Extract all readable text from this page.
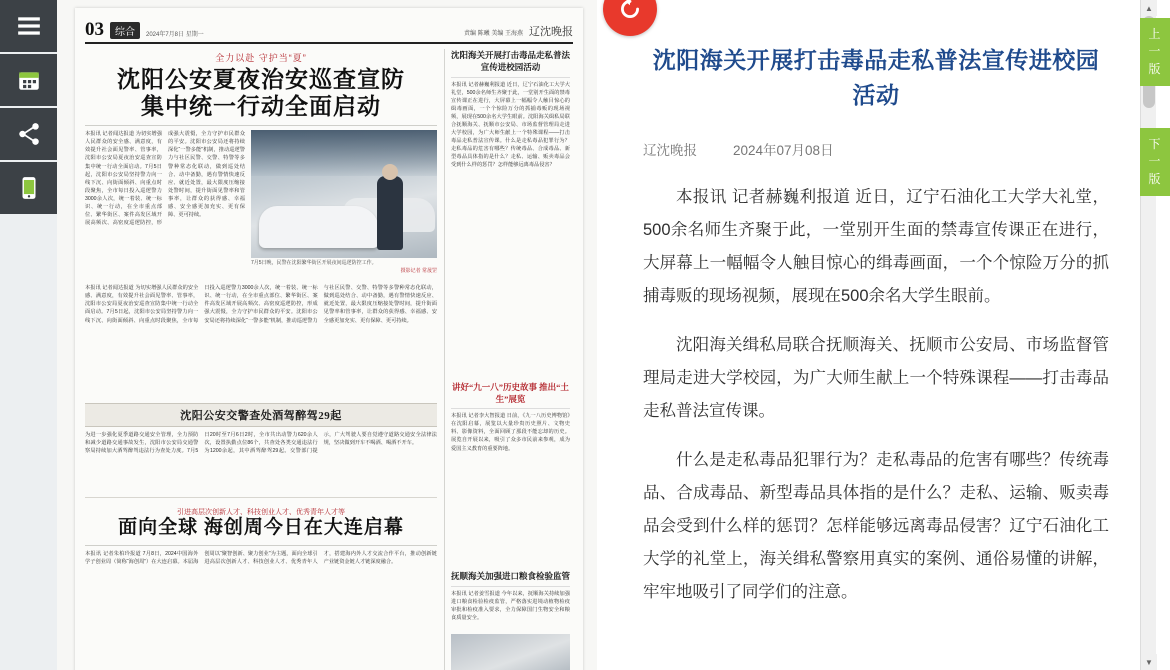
03	综合	2024年7月8日 星期一	责编 陈曦 美编 王海燕 辽沈晚报
全力以赴 守护当“夏”
沈阳公安夏夜治安巡查宣防
集中统一行动全面启动
本报讯 记者闻达报道 为切实增强人民群众的安全感、满意度，有效提升社会面见警率、管事率，沈阳市公安局夏夜治安巡查宣防集中统一行动全面启动。7月5日起，沈阳市公安局坚持警力向一线下沉、向街面倾斜、向重点时段聚焦，全市每日投入巡逻警力3000余人次，统一着装、统一标识、统一行动，在全市重点部位、繁华街区、案件高发区域开展高频次、高密度巡逻防控，形成强大震慑，全力守护市民群众的平安。沈阳市公安局还将持续深化“一警多能”机制，推动巡逻警力与社区民警、交警、特警等多警种常态化联动，做到巡处结合、动中备勤，遇有警情快速反应、就近处置，最大限度压缩接处警时间，提升街面见警率和管事率，让群众的获得感、幸福感、安全感更加充实、更有保障、更可持续。
7月5日晚，民警在沈阳繁华街区开展夜间巡逻防控工作。
摄影记者 常晟罡
本报讯 记者闻达报道 为切实增强人民群众的安全感、满意度，有效提升社会面见警率、管事率，沈阳市公安局夏夜治安巡查宣防集中统一行动全面启动。7月5日起，沈阳市公安局坚持警力向一线下沉、向街面倾斜、向重点时段聚焦，全市每日投入巡逻警力3000余人次，统一着装、统一标识、统一行动，在全市重点部位、繁华街区、案件高发区域开展高频次、高密度巡逻防控，形成强大震慑，全力守护市民群众的平安。沈阳市公安局还将持续深化“一警多能”机制，推动巡逻警力与社区民警、交警、特警等多警种常态化联动，做到巡处结合、动中备勤，遇有警情快速反应、就近处置，最大限度压缩接处警时间，提升街面见警率和管事率，让群众的获得感、幸福感、安全感更加充实、更有保障、更可持续。
沈阳公安交警查处酒驾醉驾29起
为进一步强化夏季道路交通安全管理，全力预防和减少道路交通事故发生，沈阳市公安局交通警察局持续加大酒驾醉驾违法行为查处力度。7月5日20时至7月6日2时，全市共出动警力620余人次，设置执勤点位86个，共查处各类交通违法行为1200余起，其中酒驾醉驾29起。交警部门提示，广大驾驶人要自觉遵守道路交通安全法律法规，坚决做到开车不喝酒、喝酒不开车。
引进高层次创新人才、科技创业人才、优秀青年人才等
面向全球 海创周今日在大连启幕
本报讯 记者朱柏玲报道 7月8日，2024中国海外学子创业周（简称“海创周”）在大连启幕。本届海创周以“聚智创新、聚力创业”为主题，面向全球引进高层次创新人才、科技创业人才、优秀青年人才，搭建海内外人才交流合作平台，推动创新链产业链资金链人才链深度融合。
沈阳海关开展打击毒品走私普法宣传进校园活动
本报讯 记者赫巍利报道 近日，辽宁石油化工大学大礼堂，500余名师生齐聚于此，一堂别开生面的禁毒宣传课正在进行，大屏幕上一幅幅令人触目惊心的缉毒画面，一个个惊险万分的抓捕毒贩的现场视频，展现在500余名大学生眼前。沈阳海关缉私局联合抚顺海关、抚顺市公安局、市场监督管理局走进大学校园，为广大师生献上一个特殊课程——打击毒品走私普法宣传课。什么是走私毒品犯罪行为？走私毒品的危害有哪些？传统毒品、合成毒品、新型毒品具体指的是什么？走私、运输、贩卖毒品会受到什么样的惩罚？怎样能够远离毒品侵害？
讲好“九一八”历史故事 推出“土生”展览
本报讯 记者李大智报道 日前，《九一八历史博物馆》在沈阳启幕，展览以大量珍贵历史照片、文物史料、影像资料，全面回顾了那段不能忘却的历史。展览自开展以来，吸引了众多市民前来参观，成为爱国主义教育的重要阵地。
抚顺海关加强进口粮食检验监管
本报讯 记者姜雪报道 今年以来，抚顺海关持续加强进口粮食检验检疫监管，严格落实进境动植物检疫审批和检疫准入要求，全力保障国门生物安全和粮食质量安全。
沈阳海关开展打击毒品走私普法宣传进校园活动
辽沈晚报	2024年07月08日

本报讯 记者赫巍利报道 近日，辽宁石油化工大学大礼堂，500余名师生齐聚于此，一堂别开生面的禁毒宣传课正在进行，大屏幕上一幅幅令人触目惊心的缉毒画面，一个个惊险万分的抓捕毒贩的现场视频，展现在500余名大学生眼前。

沈阳海关缉私局联合抚顺海关、抚顺市公安局、市场监督管理局走进大学校园，为广大师生献上一个特殊课程——打击毒品走私普法宣传课。

什么是走私毒品犯罪行为？走私毒品的危害有哪些？传统毒品、合成毒品、新型毒品具体指的是什么？走私、运输、贩卖毒品会受到什么样的惩罚？怎样能够远离毒品侵害？辽宁石油化工大学的礼堂上，海关缉私警察用真实的案例、通俗易懂的讲解，牢牢地吸引了同学们的注意。

▲
▼
上一版
下一版
